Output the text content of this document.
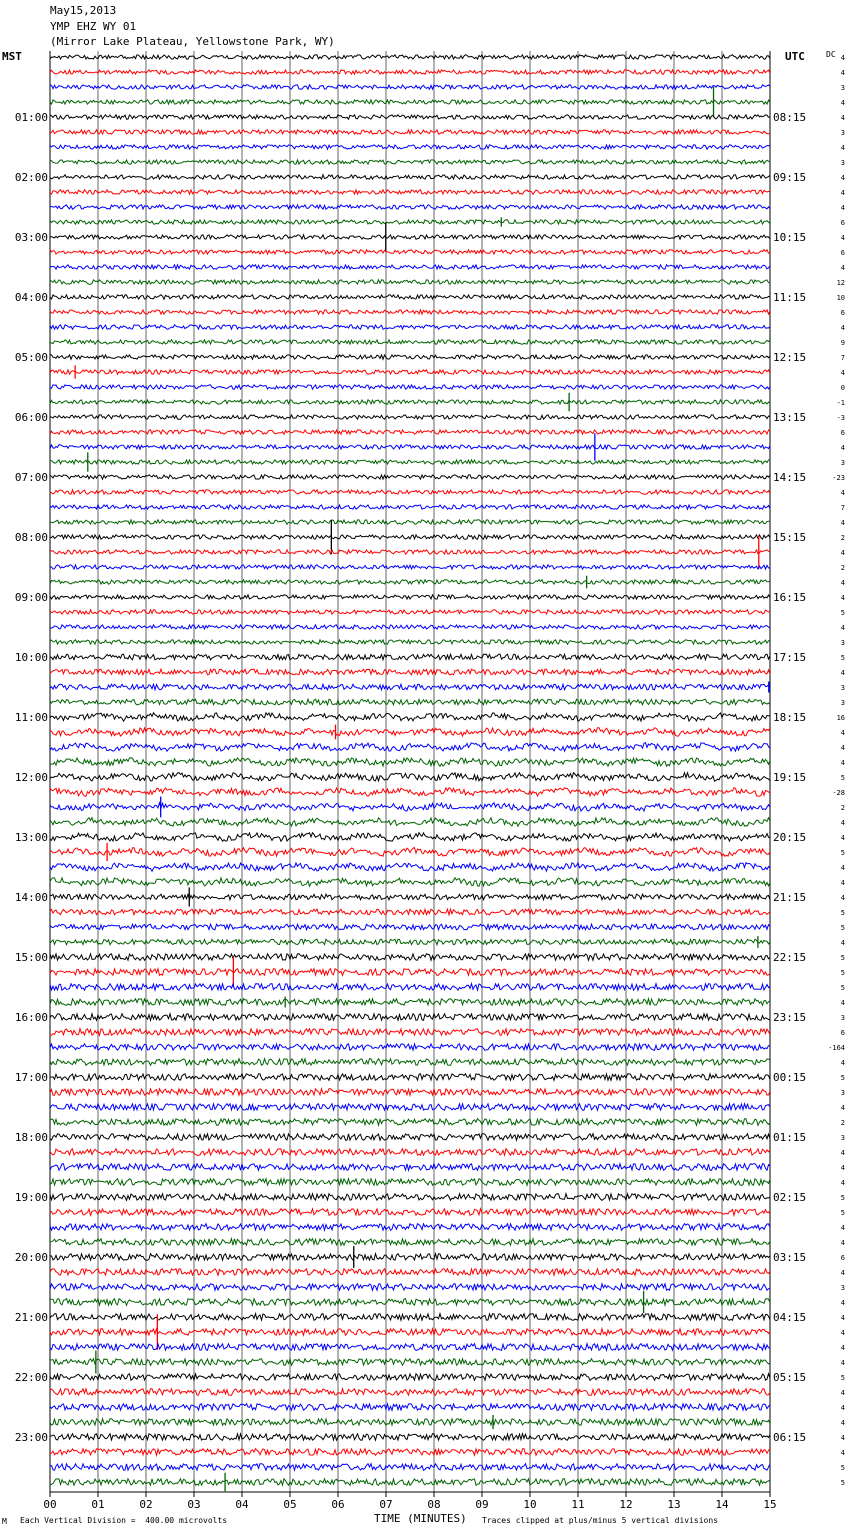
May15,2013
YMP EHZ WY 01
(Mirror Lake Plateau, Yellowstone Park, WY)
MST	UTC	DC 4
4
3
4
4
3
4
3
4
4
4
6
4
6
4
12
10
6
4
9
7
4
0
-1
-3
6
4
3
-23
4
7
4
2
4
2
4
4
5
4
3
5
4
3
3
16
4
4
4
5
-28
2
4
4
5
4
4
4
5
5
4
5
5
5
4
3
6
-164
4
5
3
4
2
3
4
4
4
5
5
4
4
6
4
3
4
4
4
4
4
5
4
4
4
4
4
5
5
01:00
02:00
03:00
04:00
05:00
06:00
07:00
08:00
09:00
10:00
11:00
12:00
13:00
14:00
15:00
16:00
17:00
18:00
19:00
20:00
21:00
22:00
23:00
08:15
09:15
10:15
11:15
12:15
13:15
14:15
15:15
16:15
17:15
18:15
19:15
20:15
21:15
22:15
23:15
00:15
01:15
02:15
03:15
04:15
05:15
06:15
00	01	02	03	04	05	06	07	08	09	10	11	12	13	14	15
M Each Vertical Division =  400.00 microvolts	TIME (MINUTES) Traces clipped at plus/minus 5 vertical divisions
